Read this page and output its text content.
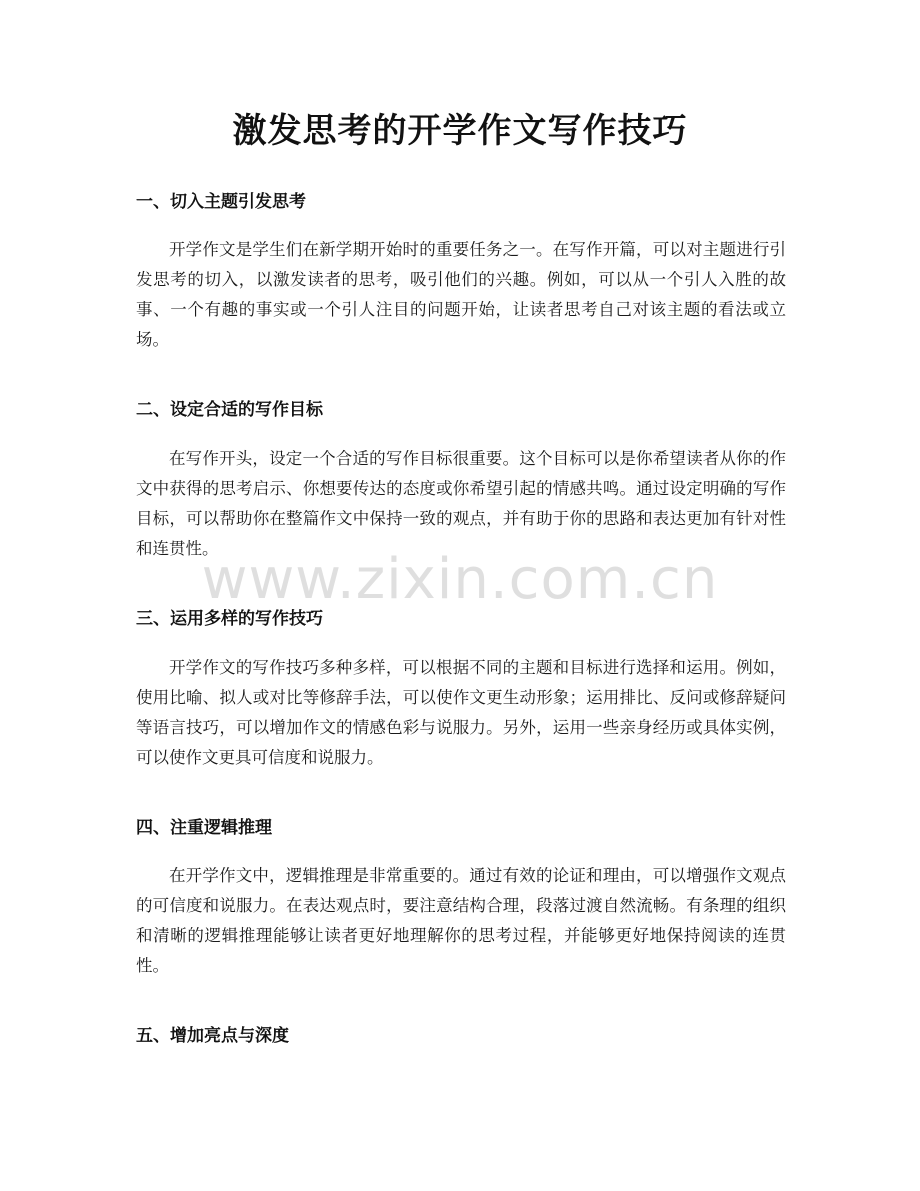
激发思考的开学作文写作技巧
一、切入主题引发思考

开学作文是学生们在新学期开始时的重要任务之一。在写作开篇，可以对主题进行引发思考的切入，以激发读者的思考，吸引他们的兴趣。例如，可以从一个引人入胜的故事、一个有趣的事实或一个引人注目的问题开始，让读者思考自己对该主题的看法或立场。

二、设定合适的写作目标

在写作开头，设定一个合适的写作目标很重要。这个目标可以是你希望读者从你的作文中获得的思考启示、你想要传达的态度或你希望引起的情感共鸣。通过设定明确的写作目标，可以帮助你在整篇作文中保持一致的观点，并有助于你的思路和表达更加有针对性和连贯性。

三、运用多样的写作技巧

开学作文的写作技巧多种多样，可以根据不同的主题和目标进行选择和运用。例如，使用比喻、拟人或对比等修辞手法，可以使作文更生动形象；运用排比、反问或修辞疑问等语言技巧，可以增加作文的情感色彩与说服力。另外，运用一些亲身经历或具体实例，可以使作文更具可信度和说服力。

四、注重逻辑推理

在开学作文中，逻辑推理是非常重要的。通过有效的论证和理由，可以增强作文观点的可信度和说服力。在表达观点时，要注意结构合理，段落过渡自然流畅。有条理的组织和清晰的逻辑推理能够让读者更好地理解你的思考过程，并能够更好地保持阅读的连贯性。

五、增加亮点与深度
www.zixin.com.cn
